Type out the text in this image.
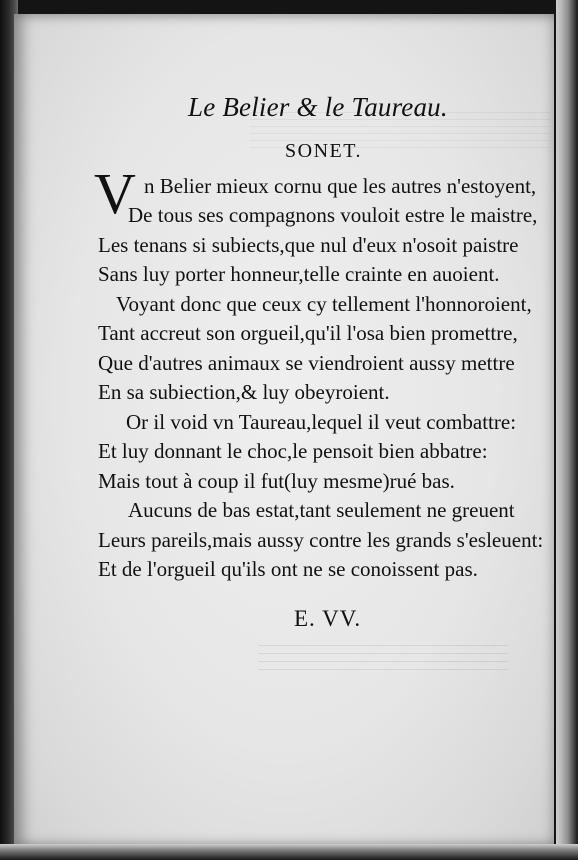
Le Belier & le Taureau.
SONET.
V n Belier mieux cornu que les autres n'estoyent,
De tous ses compagnons vouloit estre le maistre,
Les tenans si subiects,que nul d'eux n'osoit paistre
Sans luy porter honneur,telle crainte en auoient.
Voyant donc que ceux cy tellement l'honnoroient,
Tant accreut son orgueil,qu'il l'osa bien promettre,
Que d'autres animaux se viendroient aussy mettre
En sa subiection,& luy obeyroient.
Or il void vn Taureau,lequel il veut combattre:
Et luy donnant le choc,le pensoit bien abbatre:
Mais tout à coup il fut(luy mesme)rué bas.
Aucuns de bas estat,tant seulement ne greuent
Leurs pareils,mais aussy contre les grands s'esleuent:
Et de l'orgueil qu'ils ont ne se conoissent pas.
E. VV.
